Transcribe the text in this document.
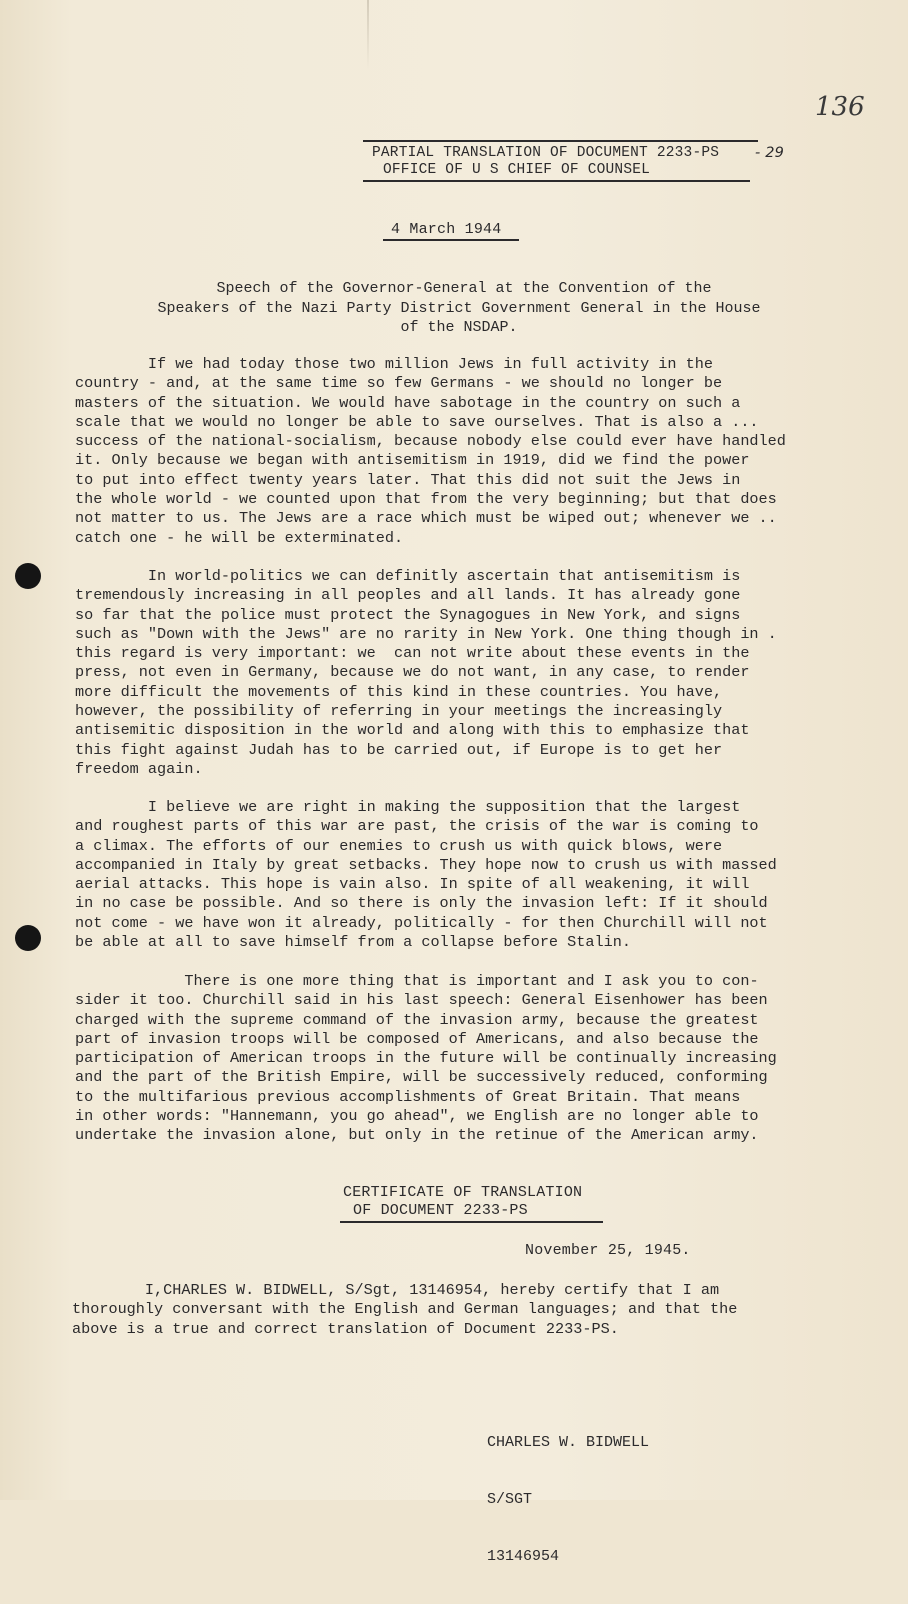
136
PARTIAL TRANSLATION OF DOCUMENT 2233-PS - 29
OFFICE OF U S CHIEF OF COUNSEL
4 March 1944
Speech of the Governor-General at the Convention of the
Speakers of the Nazi Party District Government General in the House
of the NSDAP.
If we had today those two million Jews in full activity in the
country - and, at the same time so few Germans - we should no longer be
masters of the situation. We would have sabotage in the country on such a
scale that we would no longer be able to save ourselves. That is also a ...
success of the national-socialism, because nobody else could ever have handled
it. Only because we began with antisemitism in 1919, did we find the power
to put into effect twenty years later. That this did not suit the Jews in
the whole world - we counted upon that from the very beginning; but that does
not matter to us. The Jews are a race which must be wiped out; whenever we ..
catch one - he will be exterminated.
In world-politics we can definitly ascertain that antisemitism is
tremendously increasing in all peoples and all lands. It has already gone
so far that the police must protect the Synagogues in New York, and signs
such as "Down with the Jews" are no rarity in New York. One thing though in .
this regard is very important: we  can not write about these events in the
press, not even in Germany, because we do not want, in any case, to render
more difficult the movements of this kind in these countries. You have,
however, the possibility of referring in your meetings the increasingly
antisemitic disposition in the world and along with this to emphasize that
this fight against Judah has to be carried out, if Europe is to get her
freedom again.
I believe we are right in making the supposition that the largest
and roughest parts of this war are past, the crisis of the war is coming to
a climax. The efforts of our enemies to crush us with quick blows, were
accompanied in Italy by great setbacks. They hope now to crush us with massed
aerial attacks. This hope is vain also. In spite of all weakening, it will
in no case be possible. And so there is only the invasion left: If it should
not come - we have won it already, politically - for then Churchill will not
be able at all to save himself from a collapse before Stalin.
There is one more thing that is important and I ask you to con-
sider it too. Churchill said in his last speech: General Eisenhower has been
charged with the supreme command of the invasion army, because the greatest
part of invasion troops will be composed of Americans, and also because the
participation of American troops in the future will be continually increasing
and the part of the British Empire, will be successively reduced, conforming
to the multifarious previous accomplishments of Great Britain. That means
in other words: "Hannemann, you go ahead", we English are no longer able to
undertake the invasion alone, but only in the retinue of the American army.
CERTIFICATE OF TRANSLATION
OF DOCUMENT 2233-PS
November 25, 1945.
I,CHARLES W. BIDWELL, S/Sgt, 13146954, hereby certify that I am
thoroughly conversant with the English and German languages; and that the
above is a true and correct translation of Document 2233-PS.

CHARLES W. BIDWELL

S/SGT

13146954
